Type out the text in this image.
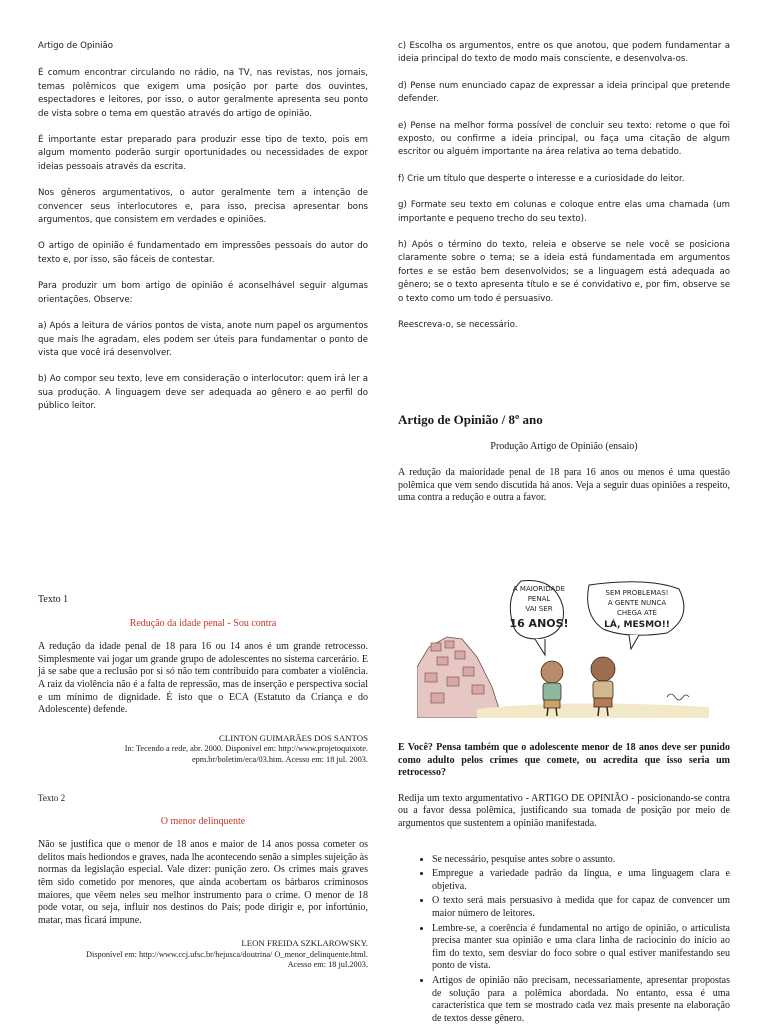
Artigo de Opinião

É comum encontrar circulando no rádio, na TV, nas revistas, nos jornais, temas polêmicos que exigem uma posição por parte dos ouvintes, espectadores e leitores, por isso, o autor geralmente apresenta seu ponto de vista sobre o tema em questão através do artigo de opinião.

É importante estar preparado para produzir esse tipo de texto, pois em algum momento poderão surgir oportunidades ou necessidades de expor ideias pessoais através da escrita.

Nos gêneros argumentativos, o autor geralmente tem a intenção de convencer seus interlocutores e, para isso, precisa apresentar bons argumentos, que consistem em verdades e opiniões.

O artigo de opinião é fundamentado em impressões pessoais do autor do texto e, por isso, são fáceis de contestar.

Para produzir um bom artigo de opinião é aconselhável seguir algumas orientações. Observe:

a) Após a leitura de vários pontos de vista, anote num papel os argumentos que mais lhe agradam, eles podem ser úteis para fundamentar o ponto de vista que você irá desenvolver.

b) Ao compor seu texto, leve em consideração o interlocutor: quem irá ler a sua produção. A linguagem deve ser adequada ao gênero e ao perfil do público leitor.

c) Escolha os argumentos, entre os que anotou, que podem fundamentar a ideia principal do texto de modo mais consciente, e desenvolva-os.

d) Pense num enunciado capaz de expressar a ideia principal que pretende defender.

e) Pense na melhor forma possível de concluir seu texto: retome o que foi exposto, ou confirme a ideia principal, ou faça uma citação de algum escritor ou alguém importante na área relativa ao tema debatido.

f) Crie um título que desperte o interesse e a curiosidade do leitor.

g) Formate seu texto em colunas e coloque entre elas uma chamada (um importante e pequeno trecho do seu texto).

h) Após o término do texto, releia e observe se nele você se posiciona claramente sobre o tema; se a ideia está fundamentada em argumentos fortes e se estão bem desenvolvidos; se a linguagem está adequada ao gênero; se o texto apresenta título e se é convidativo e, por fim, observe se o texto como um todo é persuasivo.

Reescreva-o, se necessário.

Artigo de Opinião / 8º ano

Produção Artigo de Opinião (ensaio)

A redução da maioridade penal de 18 para 16 anos ou menos é uma questão polêmica que vem sendo discutida há anos. Veja a seguir duas opiniões a respeito, uma contra a redução e outra a favor.

Texto 1

Redução da idade penal - Sou contra

A redução da idade penal de 18 para 16 ou 14 anos é um grande retrocesso. Simplesmente vai jogar um grande grupo de adolescentes no sistema carcerário. E já se sabe que a reclusão por si só não tem contribuído para combater a violência. A raiz da violência não é a falta de repressão, mas de inserção e perspectiva social e um mínimo de dignidade. É isto que o ECA (Estatuto da Criança e do Adolescente) defende.

CLINTON GUIMARÃES DOS SANTOS

In: Tecendo a rede, abr. 2000. Disponível em: http://www.projetoquixote.

epm.br/boletim/eca/03.htm. Acesso em: 18 jul. 2003.

Texto 2

O menor delinquente

Não se justifica que o menor de 18 anos e maior de 14 anos possa cometer os delitos mais hediondos e graves, nada lhe acontecendo senão a simples sujeição às normas da legislação especial. Vale dizer: punição zero. Os crimes mais graves têm sido cometido por menores, que ainda acobertam os bárbaros criminosos maiores, que vêem neles seu melhor instrumento para o crime. O menor de 18 pode votar, ou seja, influir nos destinos do País; pode dirigir e, por infortúnio, matar, mas ficará impune.

LEON FREIDA SZKLAROWSKY.

Disponível em: http://www.ccj.ufsc.br/hejusca/doutrina/ O_menor_delinquente.html.

Acesso em: 18 jul.2003.

A MAIORIDADE
PENAL
VAI SER
16 ANOS!
SEM PROBLEMAS!
A GENTE NUNCA
CHEGA ATÉ
LÁ, MESMO!!

E Você? Pensa também que o adolescente menor de 18 anos deve ser punido como adulto pelos crimes que comete, ou acredita que isso seria um retrocesso?

Redija um texto argumentativo - ARTIGO DE OPINIÃO - posicionando-se contra ou a favor dessa polêmica, justificando sua tomada de posição por meio de argumentos que sustentem a opinião manifestada.

• Se necessário, pesquise antes sobre o assunto.
• Empregue a variedade padrão da língua, e uma linguagem clara e objetiva.
• O texto será mais persuasivo à medida que for capaz de convencer um maior número de leitores.
• Lembre-se, a coerência é fundamental no artigo de opinião, o articulista precisa manter sua opinião e uma clara linha de raciocínio do início ao fim do texto, sem desviar do foco sobre o qual estiver manifestando seu ponto de vista.
• Artigos de opinião não precisam, necessariamente, apresentar propostas de solução para a polêmica abordada. No entanto, essa é uma característica que tem se mostrado cada vez mais presente na elaboração de textos desse gênero.
